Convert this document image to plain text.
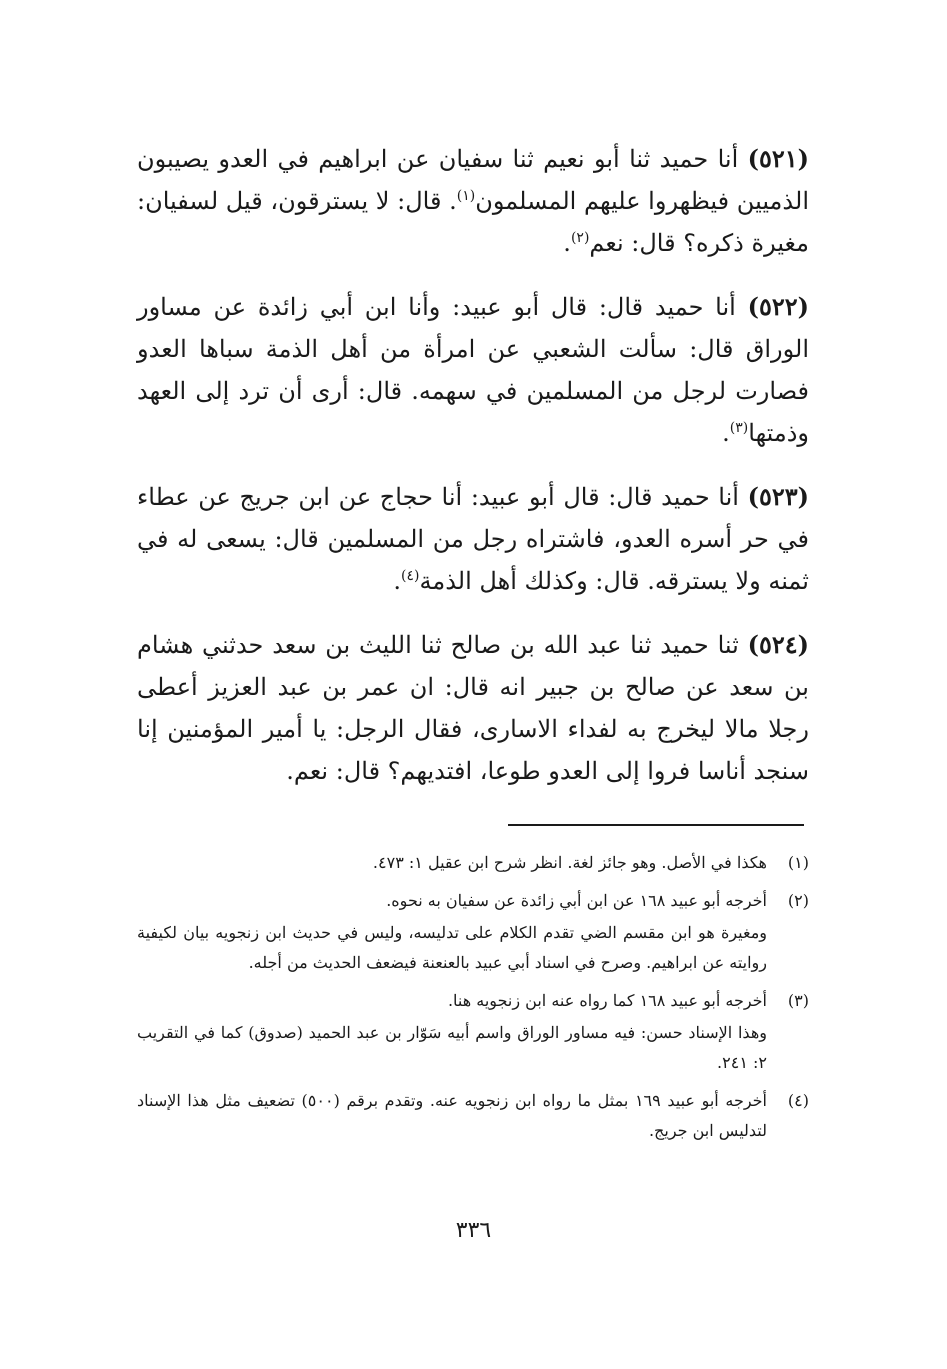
(٥٢١) أنا حميد ثنا أبو نعيم ثنا سفيان عن ابراهيم في العدو يصيبون الذميين فيظهروا عليهم المسلمون$^{(١)}$. قال: لا يسترقون، قيل لسفيان: مغيرة ذكره؟ قال: نعم$^{(٢)}$.

(٥٢٢) أنا حميد قال: قال أبو عبيد: وأنا ابن أبي زائدة عن مساور الوراق قال: سألت الشعبي عن امرأة من أهل الذمة سباها العدو فصارت لرجل من المسلمين في سهمه. قال: أرى أن ترد إلى العهد وذمتها$^{(٣)}$.

(٥٢٣) أنا حميد قال: قال أبو عبيد: أنا حجاج عن ابن جريج عن عطاء في حر أسره العدو، فاشتراه رجل من المسلمين قال: يسعى له في ثمنه ولا يسترقه. قال: وكذلك أهل الذمة$^{(٤)}$.

(٥٢٤) ثنا حميد ثنا عبد الله بن صالح ثنا الليث بن سعد حدثني هشام بن سعد عن صالح بن جبير انه قال: ان عمر بن عبد العزيز أعطى رجلا مالا ليخرج به لفداء الاسارى، فقال الرجل: يا أمير المؤمنين إنا سنجد أناسا فروا إلى العدو طوعا، افتديهم؟ قال: نعم.

(١)
هكذا في الأصل. وهو جائز لغة. انظر شرح ابن عقيل ١: ٤٧٣.
(٢)
أخرجه أبو عبيد ١٦٨ عن ابن أبي زائدة عن سفيان به نحوه.
ومغيرة هو ابن مقسم الضي تقدم الكلام على تدليسه، وليس في حديث ابن زنجويه بيان لكيفية روايته عن ابراهيم. وصرح في اسناد أبي عبيد بالعنعنة فيضعف الحديث من أجله.
(٣)
أخرجه أبو عبيد ١٦٨ كما رواه عنه ابن زنجويه هنا.
وهذا الإسناد حسن: فيه مساور الوراق واسم أبيه سَوّار بن عبد الحميد (صدوق) كما في التقريب ٢: ٢٤١.
(٤)
أخرجه أبو عبيد ١٦٩ بمثل ما رواه ابن زنجويه عنه. وتقدم برقم (٥٠٠) تضعيف مثل هذا الإسناد لتدليس ابن جريج.
٣٣٦
